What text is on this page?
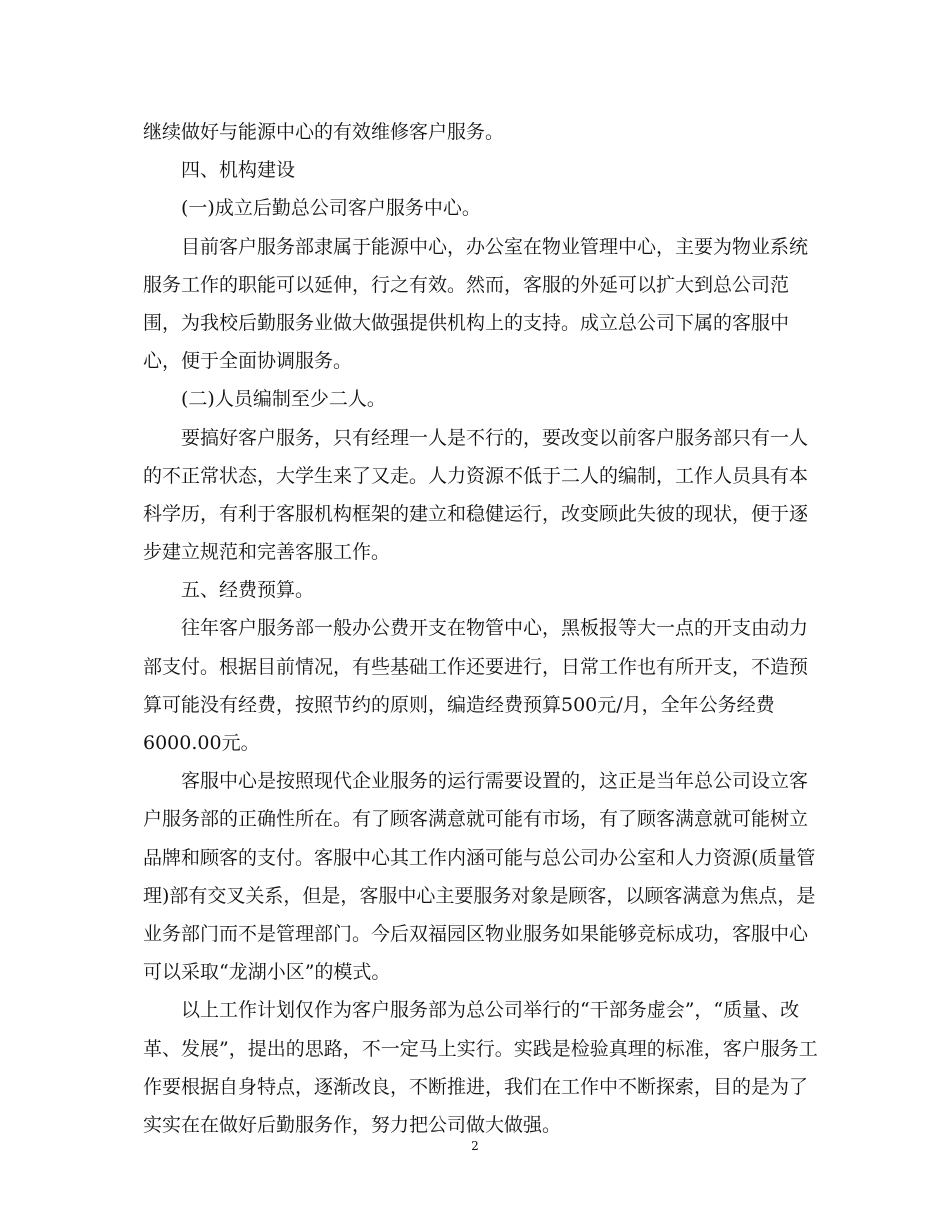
继续做好与能源中心的有效维修客户服务。

四、机构建设

(一)成立后勤总公司客户服务中心。

目前客户服务部隶属于能源中心，办公室在物业管理中心，主要为物业系统

服务工作的职能可以延伸，行之有效。然而，客服的外延可以扩大到总公司范

围，为我校后勤服务业做大做强提供机构上的支持。成立总公司下属的客服中

心，便于全面协调服务。

(二)人员编制至少二人。

要搞好客户服务，只有经理一人是不行的，要改变以前客户服务部只有一人

的不正常状态，大学生来了又走。人力资源不低于二人的编制，工作人员具有本

科学历，有利于客服机构框架的建立和稳健运行，改变顾此失彼的现状，便于逐

步建立规范和完善客服工作。

五、经费预算。

往年客户服务部一般办公费开支在物管中心，黑板报等大一点的开支由动力

部支付。根据目前情况，有些基础工作还要进行，日常工作也有所开支，不造预

算可能没有经费，按照节约的原则，编造经费预算500元/月，全年公务经费

6000.00元。

客服中心是按照现代企业服务的运行需要设置的，这正是当年总公司设立客

户服务部的正确性所在。有了顾客满意就可能有市场，有了顾客满意就可能树立

品牌和顾客的支付。客服中心其工作内涵可能与总公司办公室和人力资源(质量管

理)部有交叉关系，但是，客服中心主要服务对象是顾客，以顾客满意为焦点，是

业务部门而不是管理部门。今后双福园区物业服务如果能够竞标成功，客服中心

可以采取“龙湖小区”的模式。

以上工作计划仅作为客户服务部为总公司举行的“干部务虚会”，“质量、改

革、发展”，提出的思路，不一定马上实行。实践是检验真理的标准，客户服务工

作要根据自身特点，逐渐改良，不断推进，我们在工作中不断探索，目的是为了

实实在在做好后勤服务作，努力把公司做大做强。

2
